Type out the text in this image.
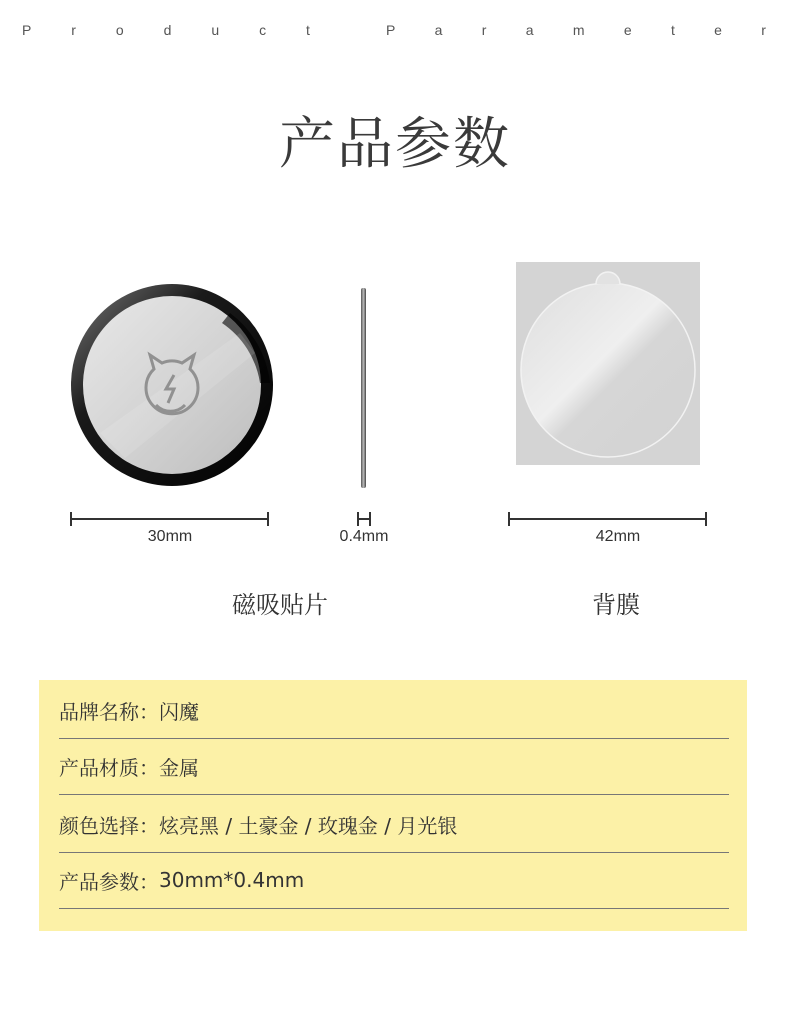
P	r	o	d	u	c	t	P	a	r	a	m	e	t	e	r
产品参数
30mm	0.4mm	42mm
磁吸贴片	背膜
品牌名称： 闪魔
产品材质： 金属
颜色选择： 炫亮黑 / 土豪金 / 玫瑰金 / 月光银
产品参数： 30mm*0.4mm
